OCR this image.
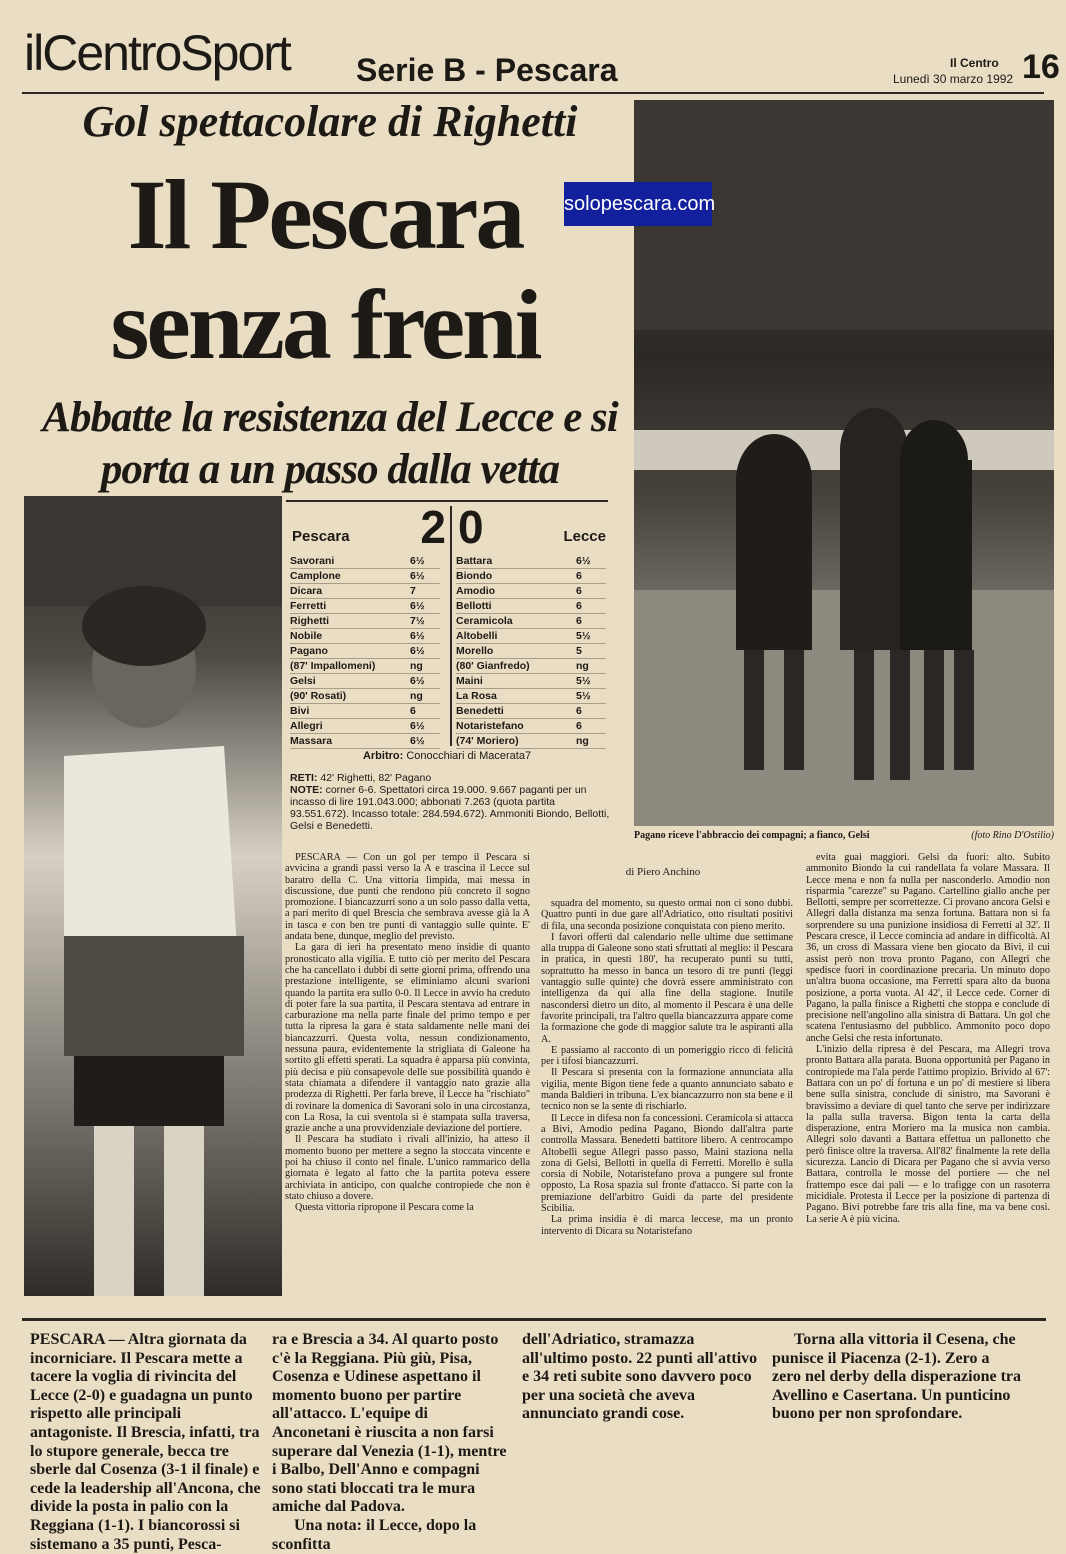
ilCentroSport Serie B - Pescara	Il Centro 16
Lunedì 30 marzo 1992
Gol spettacolare di Righetti
Il Pescara senza freni
Abbatte la resistenza del Lecce e si porta a un passo dalla vetta
solopescara.com
Pescara 2 0	Lecce
Savorani	6½
Camplone	6½
Dicara	7
Ferretti	6½
Righetti	7½
Nobile	6½
Pagano	6½
(87' Impallomeni)	ng
Gelsi	6½
(90' Rosati)	ng
Bivi	6
Allegri	6½
Massara	6½
Battara	6½
Biondo	6
Amodio	6
Bellotti	6
Ceramicola	6
Altobelli	5½
Morello	5
(80' Gianfredo)	ng
Maini	5½
La Rosa	5½
Benedetti	6
Notaristefano	6
(74' Moriero)	ng
Arbitro: Conocchiari di Macerata7
RETI: 42' Righetti, 82' Pagano
NOTE: corner 6-6. Spettatori circa 19.000. 9.667 paganti per un incasso di lire 191.043.000; abbonati 7.263 (quota partita 93.551.672). Incasso totale: 284.594.672). Ammoniti Biondo, Bellotti, Gelsi e Benedetti.
Pagano riceve l'abbraccio dei compagni; a fianco, Gelsi	(foto Rino D'Ostilio)
di Piero Anchino

PESCARA — Con un gol per tempo il Pescara si avvicina a grandi passi verso la A e trascina il Lecce sul baratro della C. Una vittoria limpida, mai messa in discussione, due punti che rendono più concreto il sogno promozione. I biancazzurri sono a un solo passo dalla vetta, a pari merito di quel Brescia che sembrava avesse già la A in tasca e con ben tre punti di vantaggio sulle quinte. E' andata bene, dunque, meglio del previsto.

La gara di ieri ha presentato meno insidie di quanto pronosticato alla vigilia. E tutto ciò per merito del Pescara che ha cancellato i dubbi di sette giorni prima, offrendo una prestazione intelligente, se eliminiamo alcuni svarioni quando la partita era sullo 0-0. Il Lecce in avvio ha creduto di poter fare la sua partita, il Pescara stentava ad entrare in carburazione ma nella parte finale del primo tempo e per tutta la ripresa la gara è stata saldamente nelle mani dei biancazzurri. Questa volta, nessun condizionamento, nessuna paura, evidentemente la strigliata di Galeone ha sortito gli effetti sperati. La squadra è apparsa più convinta, più decisa e più consapevole delle sue possibilità quando è stata chiamata a difendere il vantaggio nato grazie alla prodezza di Righetti. Per farla breve, il Lecce ha "rischiato" di rovinare la domenica di Savorani solo in una circostanza, con La Rosa, la cui sventola si è stampata sulla traversa, grazie anche a una provvidenziale deviazione del portiere.

Il Pescara ha studiato i rivali all'inizio, ha atteso il momento buono per mettere a segno la stoccata vincente e poi ha chiuso il conto nel finale. L'unico rammarico della giornata è legato al fatto che la partita poteva essere archiviata in anticipo, con qualche contropiede che non è stato chiuso a dovere.

Questa vittoria ripropone il Pescara come la

squadra del momento, su questo ormai non ci sono dubbi. Quattro punti in due gare all'Adriatico, otto risultati positivi di fila, una seconda posizione conquistata con pieno merito.

I favori offerti dal calendario nelle ultime due settimane alla truppa di Galeone sono stati sfruttati al meglio: il Pescara in pratica, in questi 180', ha recuperato punti su tutti, soprattutto ha messo in banca un tesoro di tre punti (leggi vantaggio sulle quinte) che dovrà essere amministrato con intelligenza da qui alla fine della stagione. Inutile nascondersi dietro un dito, al momento il Pescara è una delle favorite principali, tra l'altro quella biancazzurra appare come la formazione che gode di maggior salute tra le aspiranti alla A.

E passiamo al racconto di un pomeriggio ricco di felicità per i tifosi biancazzurri.

Il Pescara si presenta con la formazione annunciata alla vigilia, mente Bigon tiene fede a quanto annunciato sabato e manda Baldieri in tribuna. L'ex biancazzurro non sta bene e il tecnico non se la sente di rischiarlo.

Il Lecce in difesa non fa concessioni. Ceramicola si attacca a Bivi, Amodio pedina Pagano, Biondo dall'altra parte controlla Massara. Benedetti battitore libero. A centrocampo Altobelli segue Allegri passo passo, Maini staziona nella zona di Gelsi, Bellotti in quella di Ferretti. Morello è sulla corsia di Nobile, Notaristefano prova a pungere sul fronte opposto, La Rosa spazia sul fronte d'attacco. Si parte con la premiazione dell'arbitro Guidi da parte del presidente Scibilia.

La prima insidia è di marca leccese, ma un pronto intervento di Dicara su Notaristefano

evita guai maggiori. Gelsi da fuori: alto. Subito ammonito Biondo la cui randellata fa volare Massara. Il Lecce mena e non fa nulla per nasconderlo. Amodio non risparmia "carezze" su Pagano. Cartellino giallo anche per Bellotti, sempre per scorrettezze. Ci provano ancora Gelsi e Allegri dalla distanza ma senza fortuna. Battara non si fa sorprendere su una punizione insidiosa di Ferretti al 32'. Il Pescara cresce, il Lecce comincia ad andare in difficoltà. Al 36, un cross di Massara viene ben giocato da Bivi, il cui assist però non trova pronto Pagano, con Allegri che spedisce fuori in coordinazione precaria. Un minuto dopo un'altra buona occasione, ma Ferretti spara alto da buona posizione, a porta vuota. Al 42', il Lecce cede. Corner di Pagano, la palla finisce a Righetti che stoppa e conclude di precisione nell'angolino alla sinistra di Battara. Un gol che scatena l'entusiasmo del pubblico. Ammonito poco dopo anche Gelsi che resta infortunato.

L'inizio della ripresa è del Pescara, ma Allegri trova pronto Battara alla parata. Buona opportunità per Pagano in contropiede ma l'ala perde l'attimo propizio. Brivido al 67': Battara con un po' di fortuna e un po' di mestiere si libera bene sulla sinistra, conclude di sinistro, ma Savorani è bravissimo a deviare di quel tanto che serve per indirizzare la palla sulla traversa. Bigon tenta la carta della disperazione, entra Moriero ma la musica non cambia. Allegri solo davanti a Battara effettua un pallonetto che però finisce oltre la traversa. All'82' finalmente la rete della sicurezza. Lancio di Dicara per Pagano che si avvia verso Battara, controlla le mosse del portiere — che nel frattempo esce dai pali — e lo trafigge con un rasoterra micidiale. Protesta il Lecce per la posizione di partenza di Pagano. Bivi potrebbe fare tris alla fine, ma va bene così. La serie A è più vicina.

PESCARA — Altra giornata da incorniciare. Il Pescara mette a tacere la voglia di rivincita del Lecce (2-0) e guadagna un punto rispetto alle principali antagoniste. Il Brescia, infatti, tra lo stupore generale, becca tre sberle dal Cosenza (3-1 il finale) e cede la leadership all'Ancona, che divide la posta in palio con la Reggiana (1-1). I biancorossi si sistemano a 35 punti, Pesca-
ra e Brescia a 34. Al quarto posto c'è la Reggiana. Più giù, Pisa, Cosenza e Udinese aspettano il momento buono per partire all'attacco. L'equipe di Anconetani è riuscita a non farsi superare dal Venezia (1-1), mentre i Balbo, Dell'Anno e compagni sono stati bloccati tra le mura amiche dal Padova.
Una nota: il Lecce, dopo la sconfitta
dell'Adriatico, stramazza all'ultimo posto. 22 punti all'attivo e 34 reti subite sono davvero poco per una società che aveva annunciato grandi cose.
Torna alla vittoria il Cesena, che punisce il Piacenza (2-1). Zero a zero nel derby della disperazione tra Avellino e Casertana. Un punticino buono per non sprofondare.
